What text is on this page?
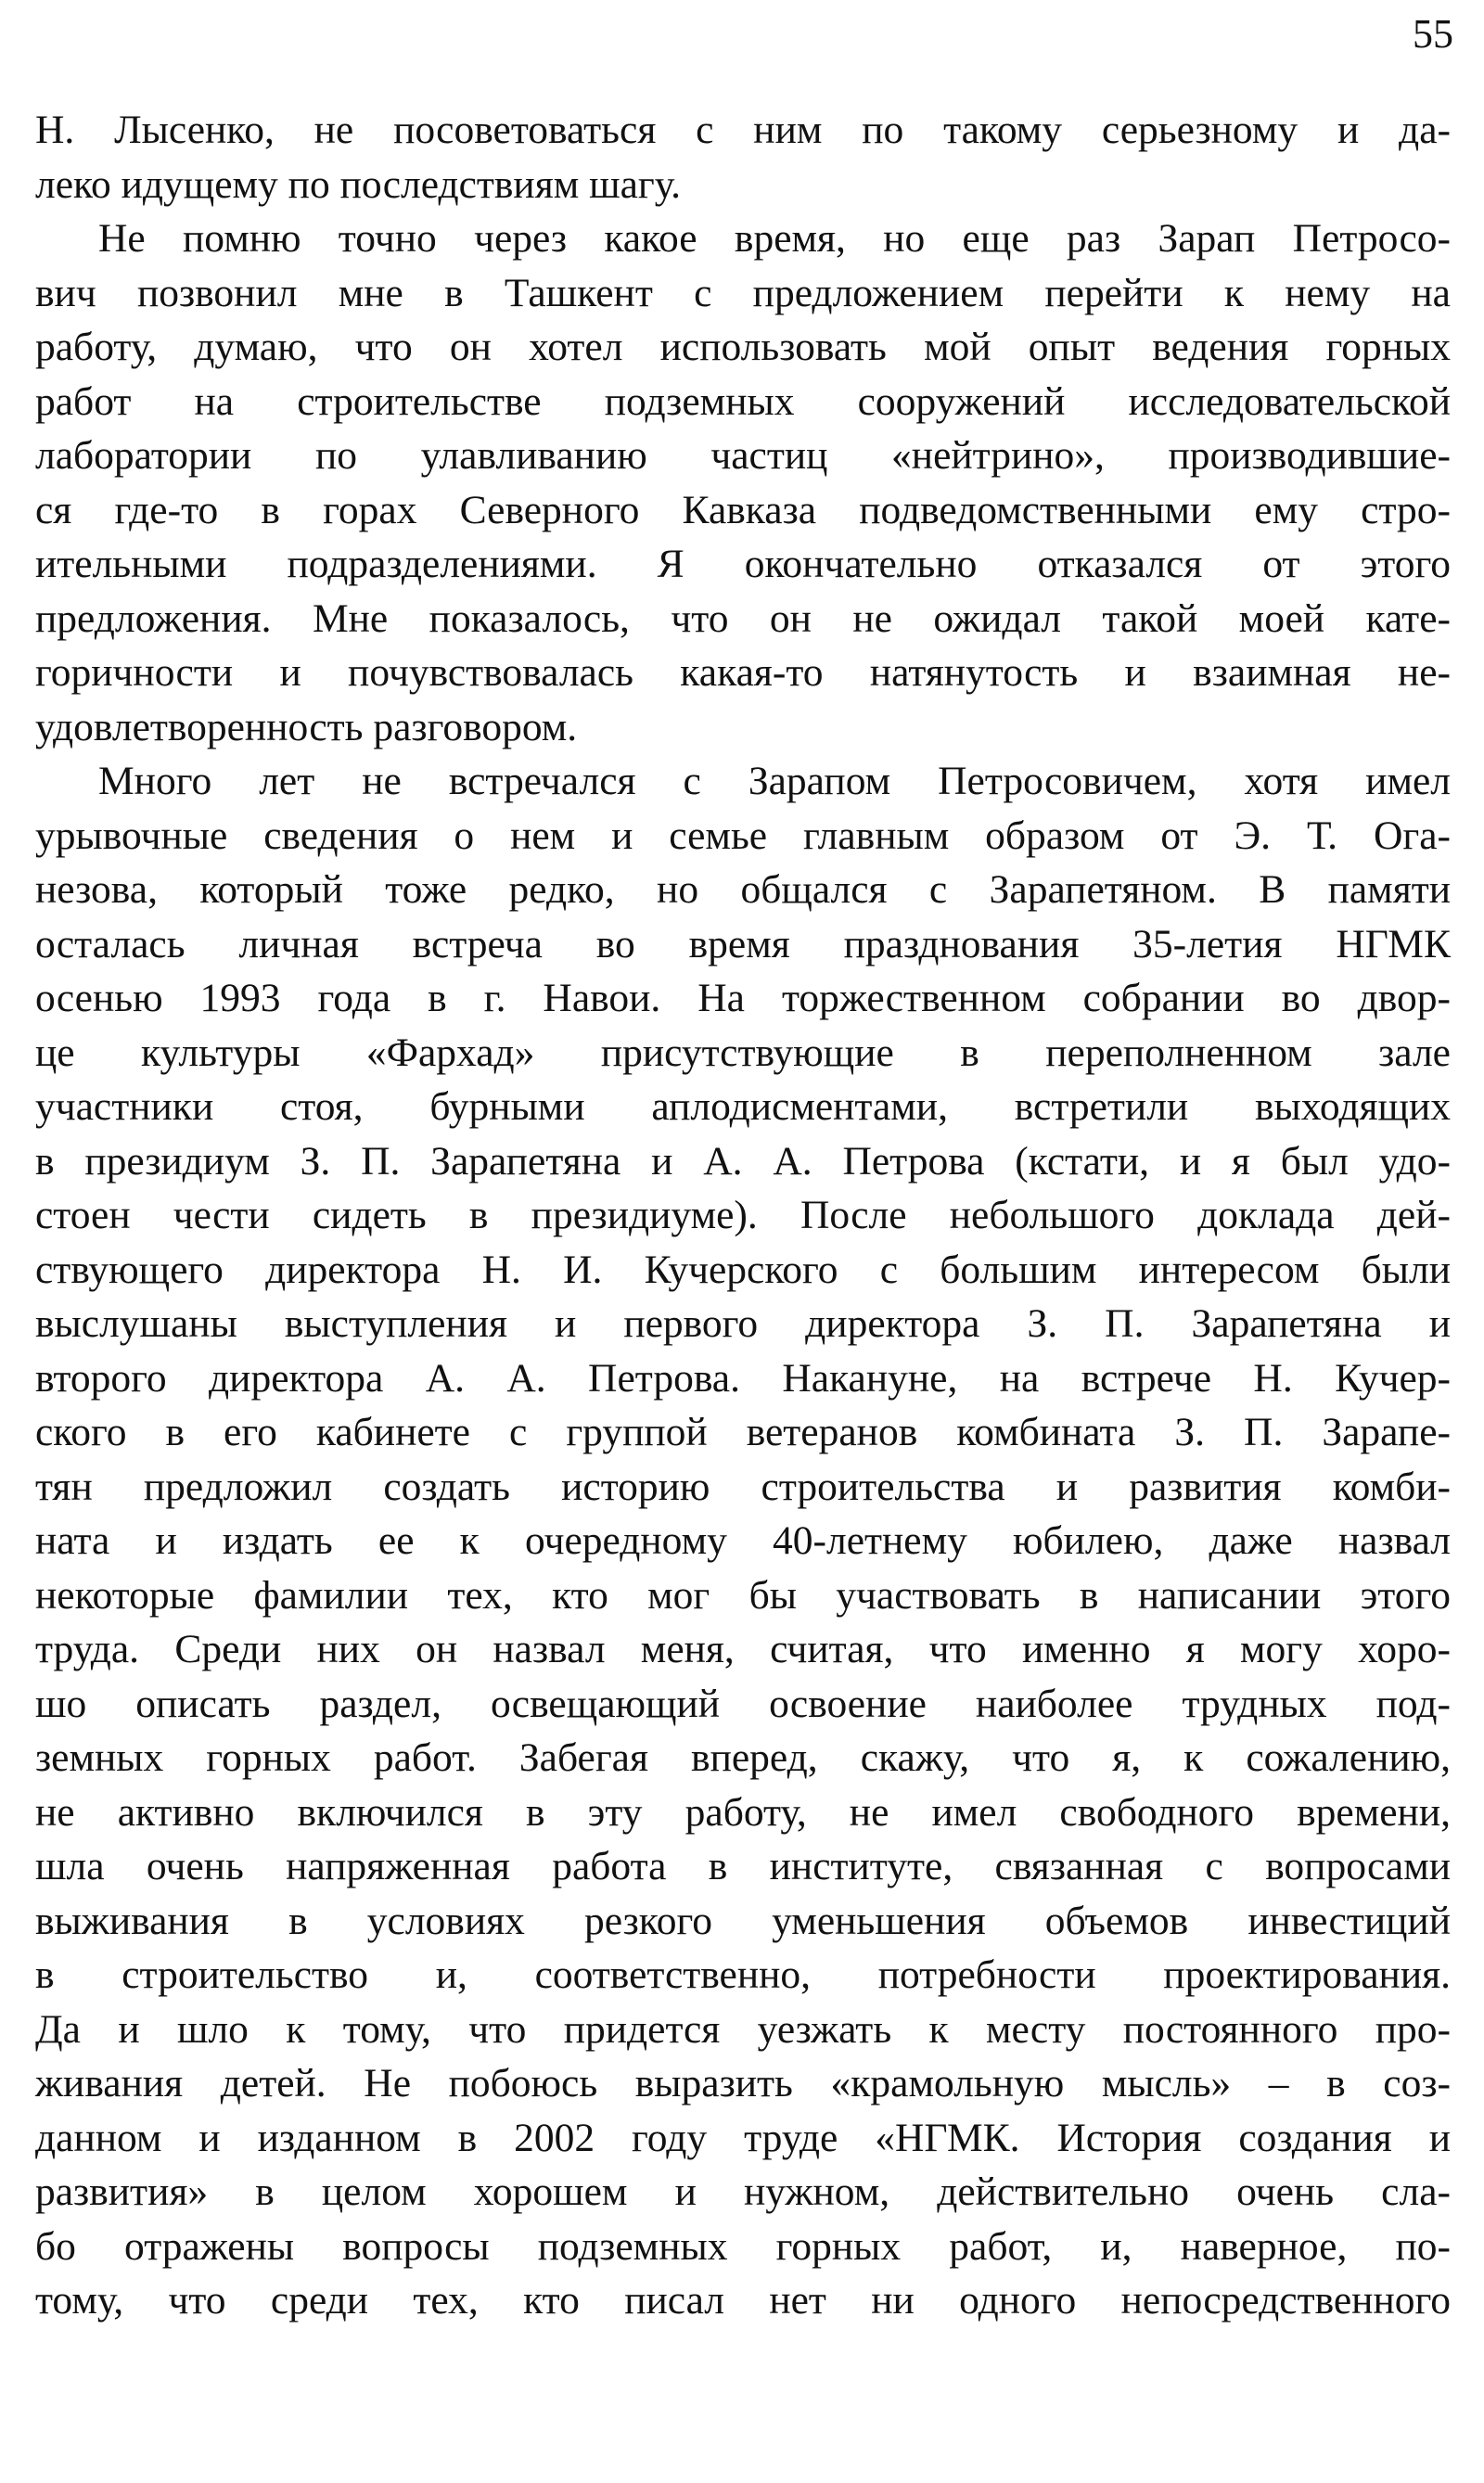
55

Н. Лысенко, не посоветоваться с ним по такому серьезному и да-
леко идущему по последствиям шагу.

Не помню точно через какое время, но еще раз Зарап Петросо-
вич позвонил мне в Ташкент с предложением перейти к нему на
работу, думаю, что он хотел использовать мой опыт ведения горных
работ на строительстве подземных сооружений исследовательской
лаборатории по улавливанию частиц «нейтрино», производившие-
ся где-то в горах Северного Кавказа подведомственными ему стро-
ительными подразделениями. Я окончательно отказался от этого
предложения. Мне показалось, что он не ожидал такой моей кате-
горичности и почувствовалась какая-то натянутость и взаимная не-
удовлетворенность разговором.

Много лет не встречался с Зарапом Петросовичем, хотя имел
урывочные сведения о нем и семье главным образом от Э. Т. Ога-
незова, который тоже редко, но общался с Зарапетяном. В памяти
осталась личная встреча во время празднования 35-летия НГМК
осенью 1993 года в г. Навои. На торжественном собрании во двор-
це культуры «Фархад» присутствующие в переполненном зале
участники стоя, бурными аплодисментами, встретили выходящих
в президиум З. П. Зарапетяна и А. А. Петрова (кстати, и я был удо-
стоен чести сидеть в президиуме). После небольшого доклада дей-
ствующего директора Н. И. Кучерского с большим интересом были
выслушаны выступления и первого директора З. П. Зарапетяна и
второго директора А. А. Петрова. Накануне, на встрече Н. Кучер-
ского в его кабинете с группой ветеранов комбината З. П. Зарапе-
тян предложил создать историю строительства и развития комби-
ната и издать ее к очередному 40-летнему юбилею, даже назвал
некоторые фамилии тех, кто мог бы участвовать в написании этого
труда. Среди них он назвал меня, считая, что именно я могу хоро-
шо описать раздел, освещающий освоение наиболее трудных под-
земных горных работ. Забегая вперед, скажу, что я, к сожалению,
не активно включился в эту работу, не имел свободного времени,
шла очень напряженная работа в институте, связанная с вопросами
выживания в условиях резкого уменьшения объемов инвестиций
в строительство и, соответственно, потребности проектирования.
Да и шло к тому, что придется уезжать к месту постоянного про-
живания детей. Не побоюсь выразить «крамольную мысль» – в соз-
данном и изданном в 2002 году труде «НГМК. История создания и
развития» в целом хорошем и нужном, действительно очень сла-
бо отражены вопросы подземных горных работ, и, наверное, по-
тому, что среди тех, кто писал нет ни одного непосредственного
